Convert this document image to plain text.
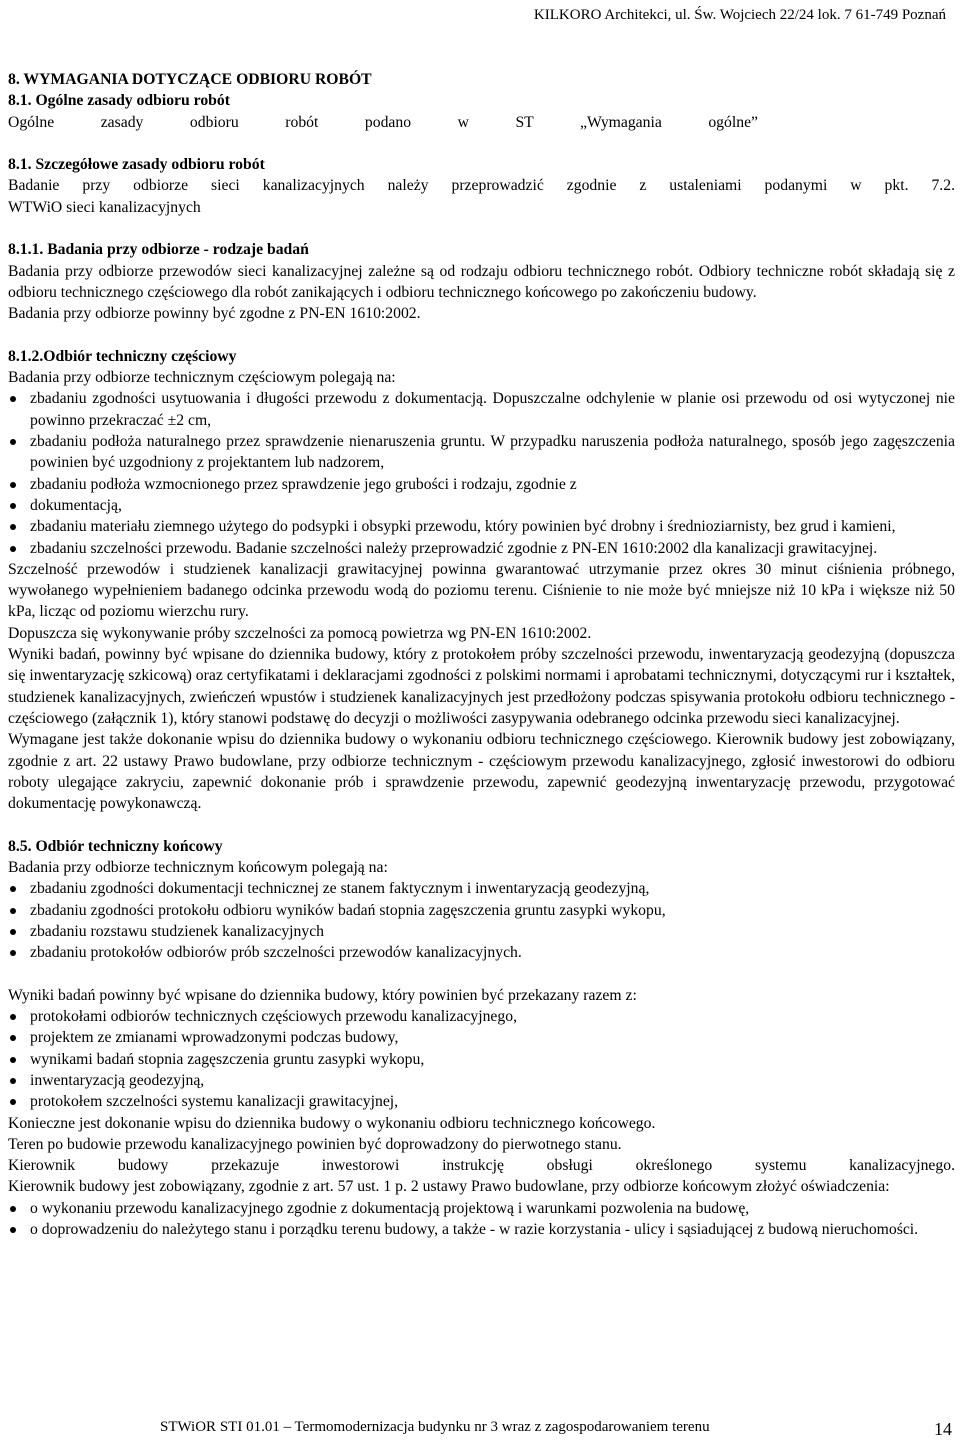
KILKORO Architekci, ul. Św. Wojciech 22/24 lok. 7 61-749 Poznań

8. WYMAGANIA DOTYCZĄCE ODBIORU ROBÓT

8.1. Ogólne zasady odbioru robót

Ogólne zasady odbioru robót podano w ST „Wymagania ogólne”

8.1. Szczegółowe zasady odbioru robót

Badanie przy odbiorze sieci kanalizacyjnych należy przeprowadzić zgodnie z ustaleniami podanymi w pkt. 7.2.

WTWiO sieci kanalizacyjnych

8.1.1. Badania przy odbiorze - rodzaje badań

Badania przy odbiorze przewodów sieci kanalizacyjnej zależne są od rodzaju odbioru technicznego robót. Odbiory techniczne robót składają się z odbioru technicznego częściowego dla robót zanikających i odbioru technicznego końcowego po zakończeniu budowy.

Badania przy odbiorze powinny być zgodne z PN-EN 1610:2002.

8.1.2.Odbiór techniczny częściowy

Badania przy odbiorze technicznym częściowym polegają na:

zbadaniu zgodności usytuowania i długości przewodu z dokumentacją. Dopuszczalne odchylenie w planie osi przewodu od osi wytyczonej nie powinno przekraczać ±2 cm,
zbadaniu podłoża naturalnego przez sprawdzenie nienaruszenia gruntu. W przypadku naruszenia podłoża naturalnego, sposób jego zagęszczenia powinien być uzgodniony z projektantem lub nadzorem,
zbadaniu podłoża wzmocnionego przez sprawdzenie jego grubości i rodzaju, zgodnie z
dokumentacją,
zbadaniu materiału ziemnego użytego do podsypki i obsypki przewodu, który powinien być drobny i średnioziarnisty, bez grud i kamieni,
zbadaniu szczelności przewodu. Badanie szczelności należy przeprowadzić zgodnie z PN-EN 1610:2002 dla kanalizacji grawitacyjnej.

Szczelność przewodów i studzienek kanalizacji grawitacyjnej powinna gwarantować utrzymanie przez okres 30 minut ciśnienia próbnego, wywołanego wypełnieniem badanego odcinka przewodu wodą do poziomu terenu. Ciśnienie to nie może być mniejsze niż 10 kPa i większe niż 50 kPa, licząc od poziomu wierzchu rury.

Dopuszcza się wykonywanie próby szczelności za pomocą powietrza wg PN-EN 1610:2002.

Wyniki badań, powinny być wpisane do dziennika budowy, który z protokołem próby szczelności przewodu, inwentaryzacją geodezyjną (dopuszcza się inwentaryzację szkicową) oraz certyfikatami i deklaracjami zgodności z polskimi normami i aprobatami technicznymi, dotyczącymi rur i kształtek, studzienek kanalizacyjnych, zwieńczeń wpustów i studzienek kanalizacyjnych jest przedłożony podczas spisywania protokołu odbioru technicznego -częściowego (załącznik 1), który stanowi podstawę do decyzji o możliwości zasypywania odebranego odcinka przewodu sieci kanalizacyjnej.

Wymagane jest także dokonanie wpisu do dziennika budowy o wykonaniu odbioru technicznego częściowego. Kierownik budowy jest zobowiązany, zgodnie z art. 22 ustawy Prawo budowlane, przy odbiorze technicznym - częściowym przewodu kanalizacyjnego, zgłosić inwestorowi do odbioru roboty ulegające zakryciu, zapewnić dokonanie prób i sprawdzenie przewodu, zapewnić geodezyjną inwentaryzację przewodu, przygotować dokumentację powykonawczą.

8.5. Odbiór techniczny końcowy

Badania przy odbiorze technicznym końcowym polegają na:

zbadaniu zgodności dokumentacji technicznej ze stanem faktycznym i inwentaryzacją geodezyjną,
zbadaniu zgodności protokołu odbioru wyników badań stopnia zagęszczenia gruntu zasypki wykopu,
zbadaniu rozstawu studzienek kanalizacyjnych
zbadaniu protokołów odbiorów prób szczelności przewodów kanalizacyjnych.

Wyniki badań powinny być wpisane do dziennika budowy, który powinien być przekazany razem z:

protokołami odbiorów technicznych częściowych przewodu kanalizacyjnego,
projektem ze zmianami wprowadzonymi podczas budowy,
wynikami badań stopnia zagęszczenia gruntu zasypki wykopu,
inwentaryzacją geodezyjną,
protokołem szczelności systemu kanalizacji grawitacyjnej,

Konieczne jest dokonanie wpisu do dziennika budowy o wykonaniu odbioru technicznego końcowego.

Teren po budowie przewodu kanalizacyjnego powinien być doprowadzony do pierwotnego stanu.

Kierownik budowy przekazuje inwestorowi instrukcję obsługi określonego systemu kanalizacyjnego.

Kierownik budowy jest zobowiązany, zgodnie z art. 57 ust. 1 p. 2 ustawy Prawo budowlane, przy odbiorze końcowym złożyć oświadczenia:

o wykonaniu przewodu kanalizacyjnego zgodnie z dokumentacją projektową i warunkami pozwolenia na budowę,
o doprowadzeniu do należytego stanu i porządku terenu budowy, a także - w razie korzystania - ulicy i sąsiadującej z budową nieruchomości.
STWiOR STI 01.01 – Termomodernizacja budynku nr 3 wraz z zagospodarowaniem terenu	14
